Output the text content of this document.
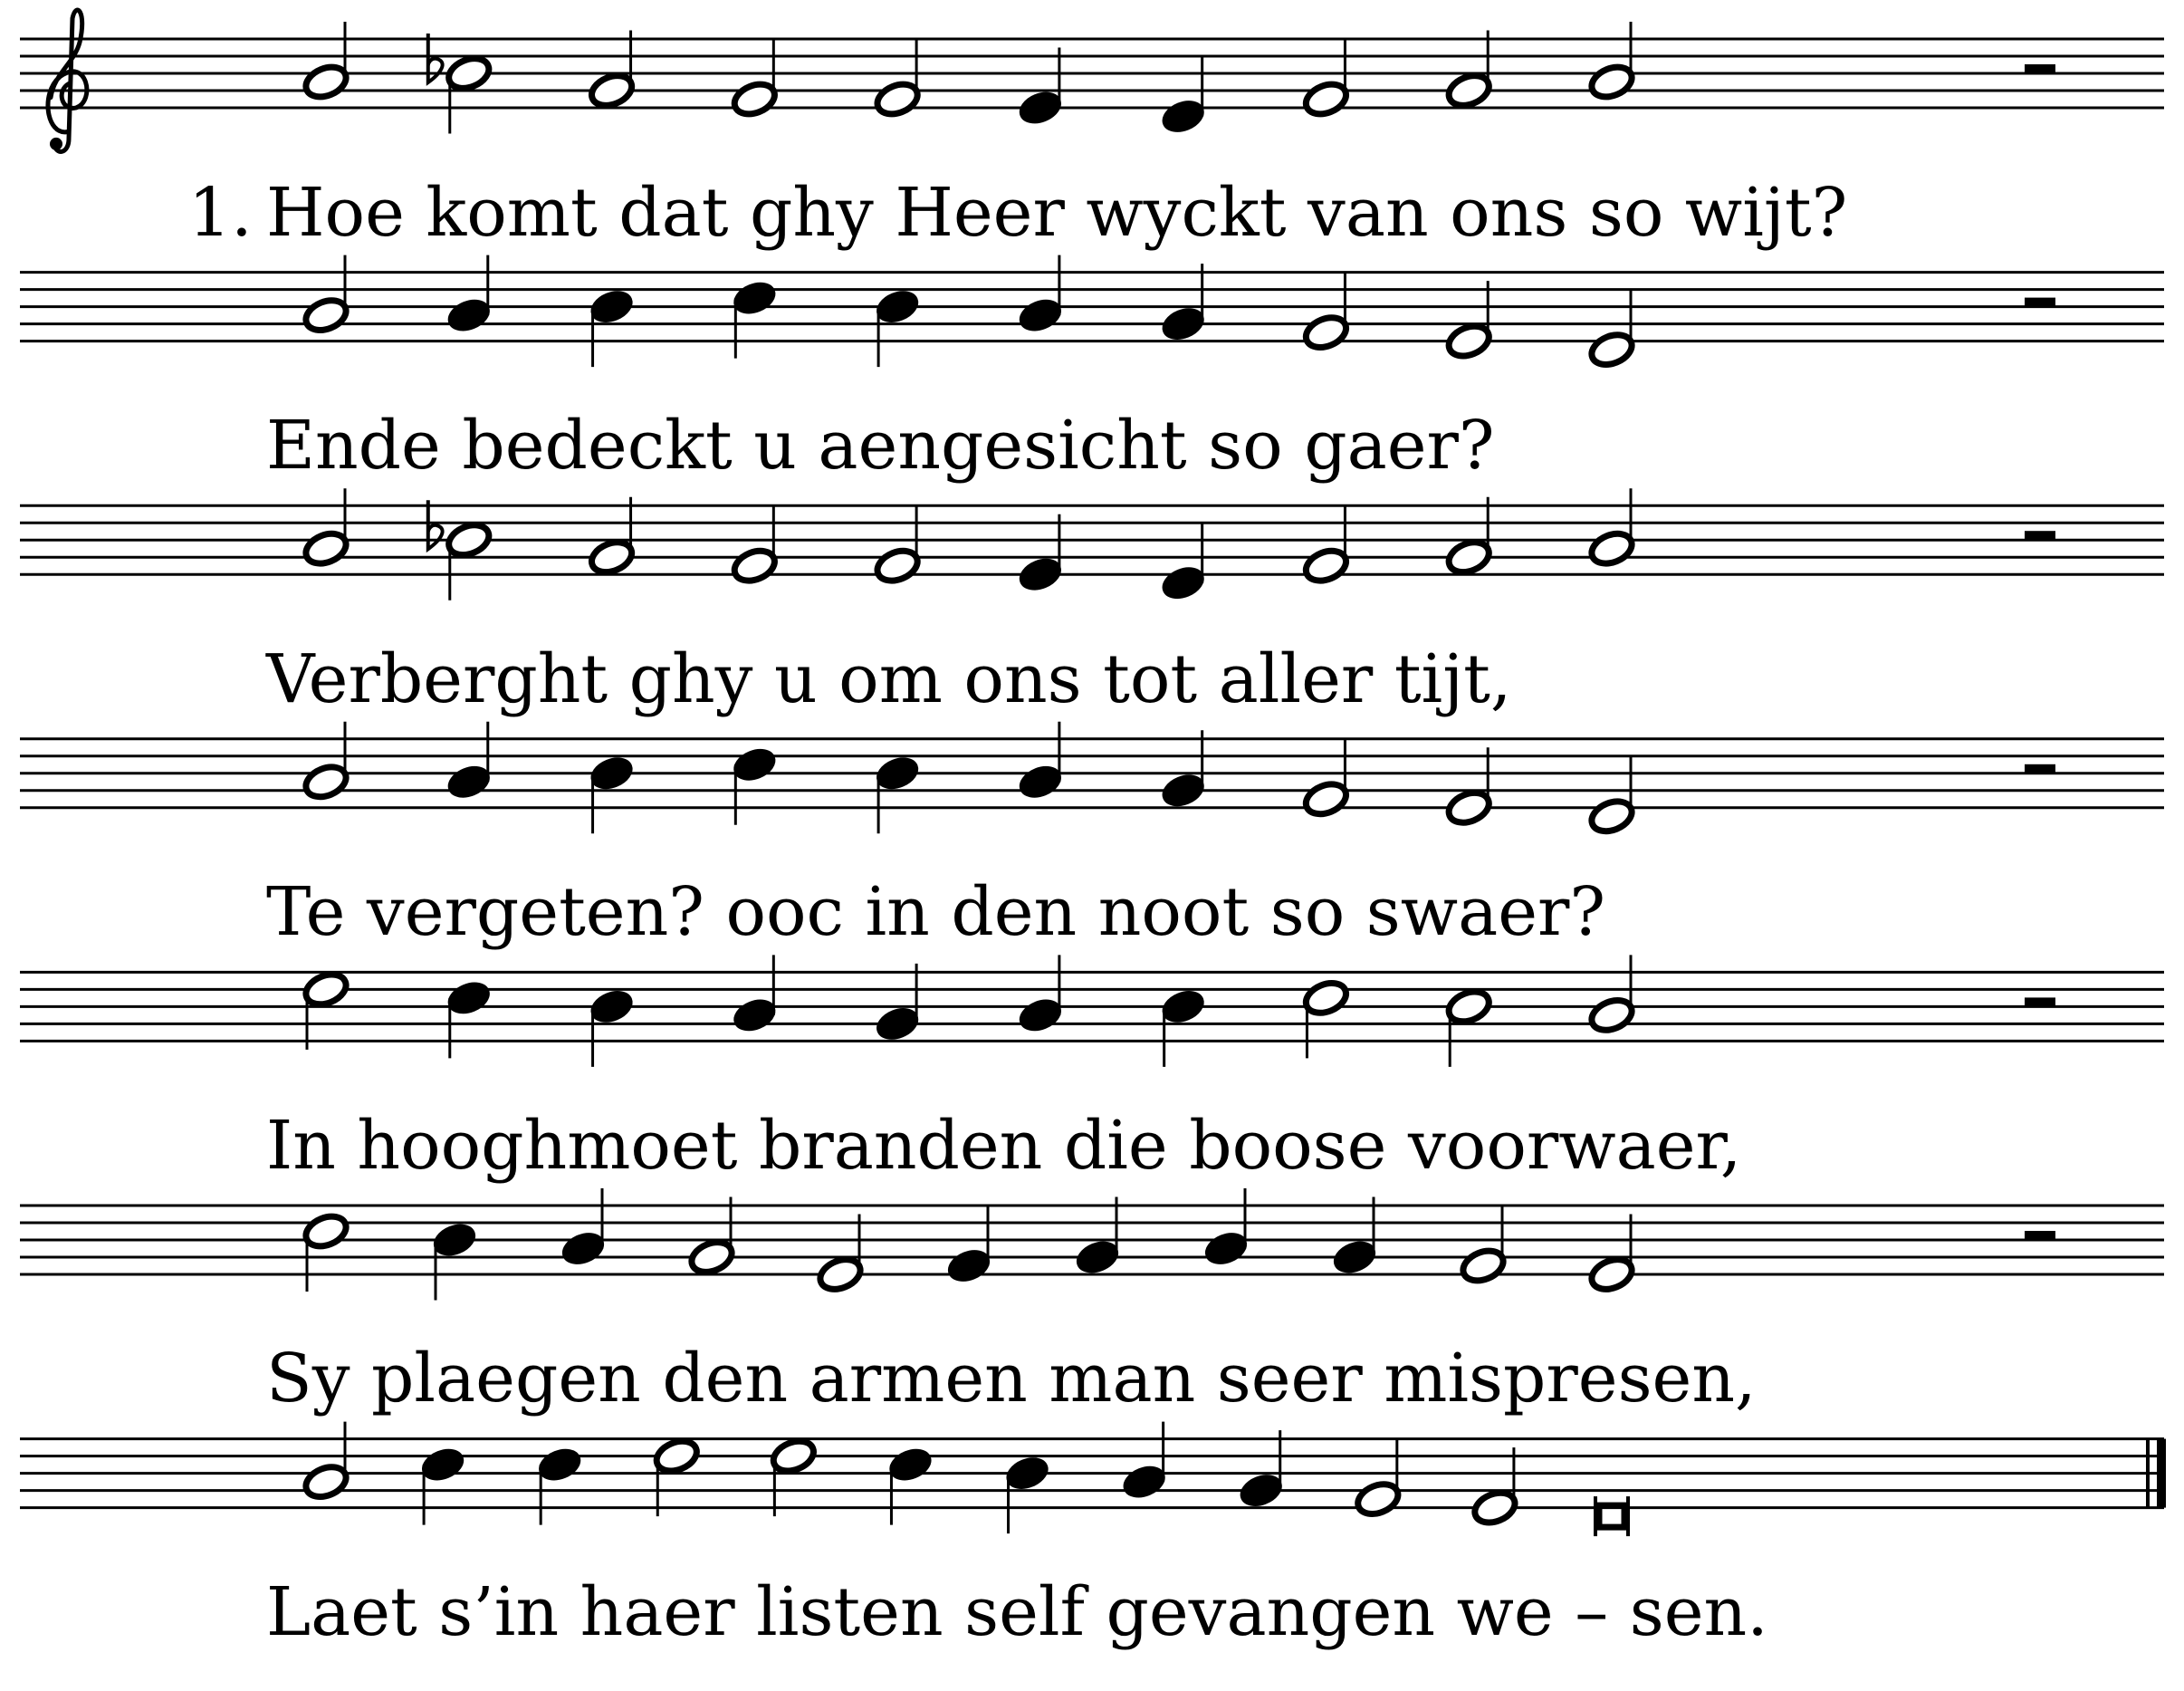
1. Hoe komt dat ghy Heer wyckt van ons so wijt?
Ende bedeckt u aengesicht so gaer?
Verberght ghy u om ons tot aller tijt,
Te vergeten? ooc in den noot so swaer?
In hooghmoet branden die boose voorwaer,
Sy plaegen den armen man seer mispresen,
Laet s’in haer listen self gevangen we – sen.
